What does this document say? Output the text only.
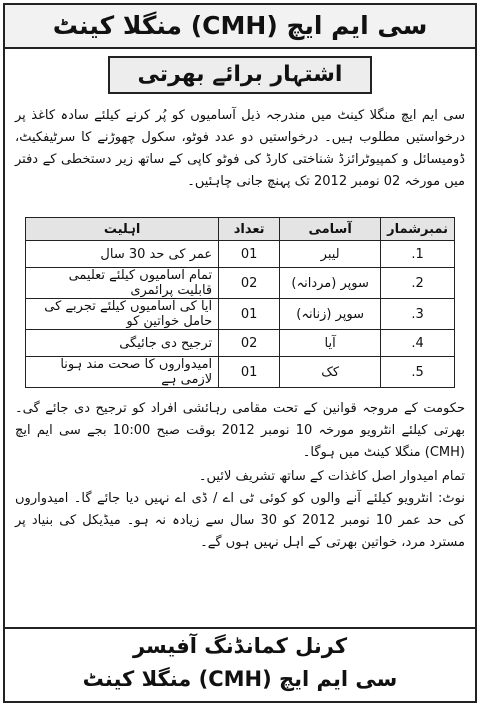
سی ایم ایچ (CMH) منگلا کینٹ
اشتہار برائے بھرتی
سی ایم ایچ منگلا کینٹ میں مندرجہ ذیل آسامیوں کو پُر کرنے کیلئے سادہ کاغذ پر درخواستیں مطلوب ہیں۔ درخواستیں دو عدد فوٹو، سکول چھوڑنے کا سرٹیفکیٹ، ڈومیسائل و کمپیوٹرائزڈ شناختی کارڈ کی فوٹو کاپی کے ساتھ زیر دستخطی کے دفتر میں مورخہ 02 نومبر 2012 تک پہنچ جانی چاہئیں۔
نمبرشمار	آسامی	تعداد	اہلیت
1.	لیبر	01	عمر کی حد 30 سال
2.	سوپر (مردانہ)	02	تمام آسامیوں کیلئے تعلیمی قابلیت پرائمری
3.	سوپر (زنانہ)	01	آیا کی آسامیوں کیلئے تجربے کی حامل خواتین کو
4.	آیا	02	ترجیح دی جائیگی
5.	کک	01	امیدواروں کا صحت مند ہونا لازمی ہے
حکومت کے مروجہ قوانین کے تحت مقامی رہائشی افراد کو ترجیح دی جائے گی۔ بھرتی کیلئے انٹرویو مورخہ 10 نومبر 2012 بوقت صبح 10:00 بجے سی ایم ایچ (CMH) منگلا کینٹ میں ہوگا۔
تمام امیدوار اصل کاغذات کے ساتھ تشریف لائیں۔
نوٹ: انٹرویو کیلئے آنے والوں کو کوئی ٹی اے / ڈی اے نہیں دیا جائے گا۔ امیدواروں کی حد عمر 10 نومبر 2012 کو 30 سال سے زیادہ نہ ہو۔ میڈیکل کی بنیاد پر مسترد مرد، خواتین بھرتی کے اہل نہیں ہوں گے۔
کرنل کمانڈنگ آفیسر
سی ایم ایچ (CMH) منگلا کینٹ
